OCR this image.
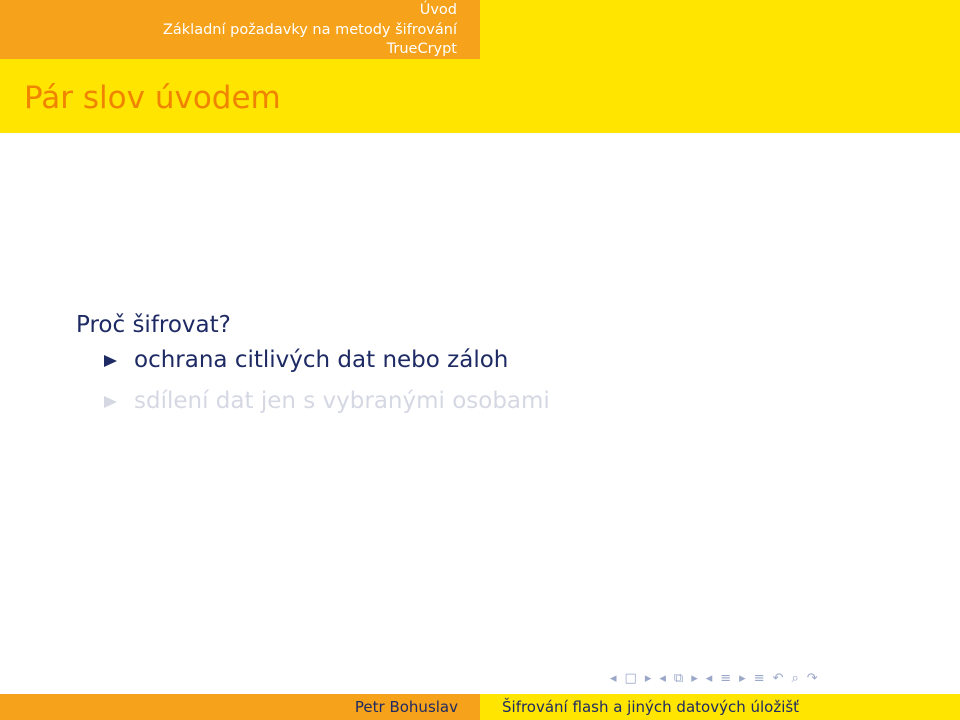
Úvod
Základní požadavky na metody šifrování
TrueCrypt
Pár slov úvodem
Proč šifrovat?
ochrana citlivých dat nebo záloh
sdílení dat jen s vybranými osobami
◂ □ ▸ ◂ ⧉ ▸ ◂ ≡ ▸ ≡ ↶ ⌕ ↷
Petr Bohuslav	Šifrování flash a jiných datových úložišť
